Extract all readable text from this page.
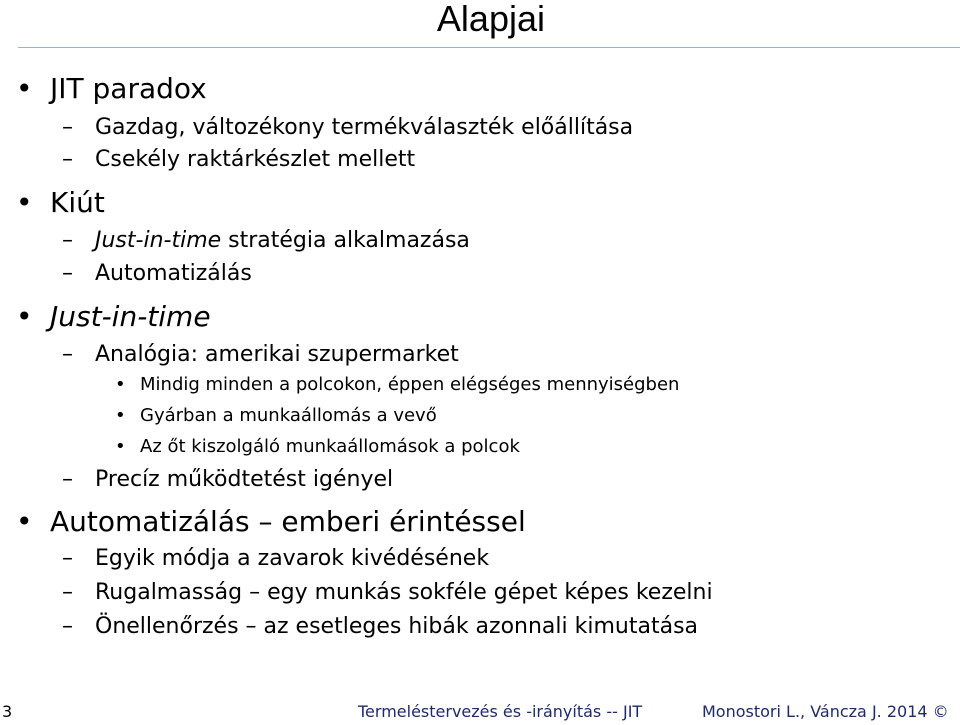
Alapjai
• JIT paradox
– Gazdag, változékony termékválaszték előállítása
– Csekély raktárkészlet mellett
• Kiút
– Just-in-time stratégia alkalmazása
– Automatizálás
• Just-in-time
– Analógia: amerikai szupermarket
• Mindig minden a polcokon, éppen elégséges mennyiségben
• Gyárban a munkaállomás a vevő
• Az őt kiszolgáló munkaállomások a polcok
– Precíz működtetést igényel
• Automatizálás – emberi érintéssel
– Egyik módja a zavarok kivédésének
– Rugalmasság – egy munkás sokféle gépet képes kezelni
– Önellenőrzés – az esetleges hibák azonnali kimutatása
3	Termeléstervezés és -irányítás -- JIT	Monostori L., Váncza J. 2014 ©
